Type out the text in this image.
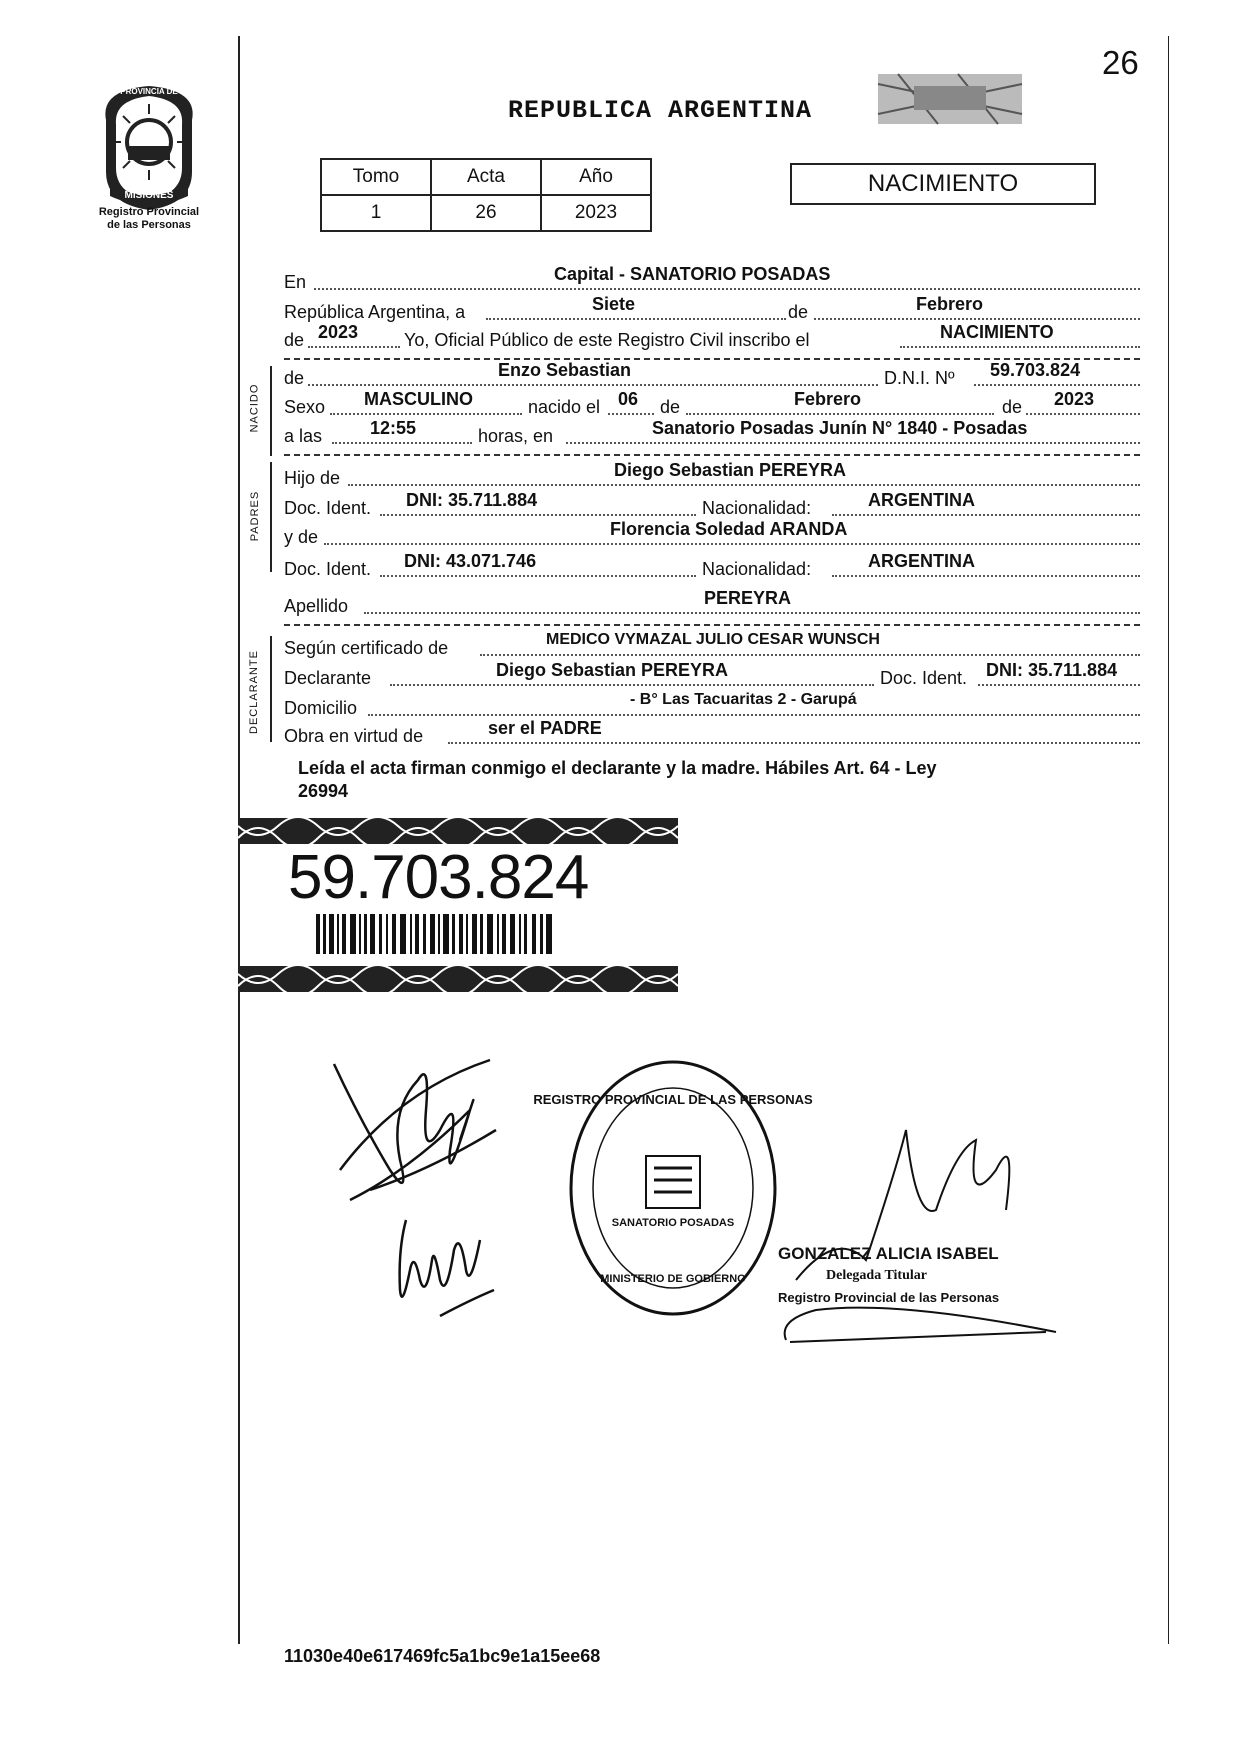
26
MISIONES
PROVINCIA DE
Registro Provincial
de las Personas
REPUBLICA ARGENTINA
Tomo	Acta	Año
1	26	2023
NACIMIENTO
En	Capital - SANATORIO POSADAS
República Argentina, a	Siete	de	Febrero
de 2023	Yo, Oficial Público de este Registro Civil inscribo el	NACIMIENTO
NACIDO
de	Enzo Sebastian	D.N.I. Nº 59.703.824
Sexo MASCULINO	nacido el 06 de	Febrero	de 2023
a las	12:55	horas, en	Sanatorio Posadas Junín N° 1840 - Posadas
PADRES
Hijo de	Diego Sebastian PEREYRA
Doc. Ident. DNI: 35.711.884	Nacionalidad:	ARGENTINA
y de	Florencia Soledad ARANDA
Doc. Ident. DNI: 43.071.746	Nacionalidad:	ARGENTINA
Apellido	PEREYRA
DECLARANTE
Según certificado de	MEDICO VYMAZAL JULIO CESAR WUNSCH
Declarante	Diego Sebastian PEREYRA	Doc. Ident. DNI: 35.711.884
Domicilio	- B° Las Tacuaritas 2 - Garupá
Obra en virtud de	ser el PADRE
Leída el acta firman conmigo el declarante y la madre. Hábiles Art. 64 - Ley
26994
59.703.824
REGISTRO PROVINCIAL DE LAS PERSONAS
SANATORIO POSADAS
MINISTERIO DE GOBIERNO
GONZALEZ ALICIA ISABEL
Delegada Titular
Registro Provincial de las Personas
11030e40e617469fc5a1bc9e1a15ee68
